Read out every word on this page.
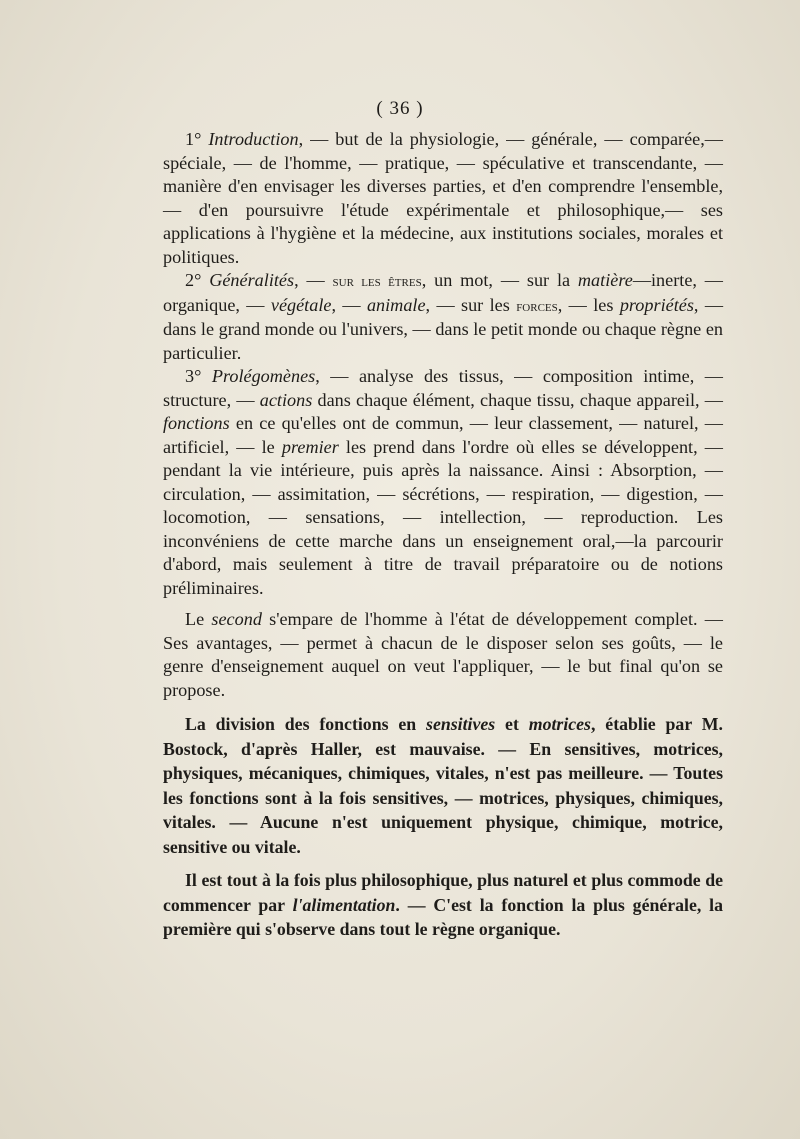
( 36 )

1° Introduction, — but de la physiologie, — générale, — comparée,— spéciale, — de l'homme, — pratique, — spéculative et transcendante, — manière d'en envisager les diverses parties, et d'en comprendre l'ensemble, — d'en poursuivre l'étude expérimentale et philosophique,— ses applications à l'hygiène et la médecine, aux institutions sociales, morales et politiques.

2° Généralités, — sur les êtres, un mot, — sur la matière—inerte, — organique, — végétale, — animale, — sur les forces, — les propriétés, — dans le grand monde ou l'univers, — dans le petit monde ou chaque règne en particulier.

3° Prolégomènes, — analyse des tissus, — composition intime, — structure, — actions dans chaque élément, chaque tissu, chaque appareil, — fonctions en ce qu'elles ont de commun, — leur classement, — naturel, — artificiel, — le premier les prend dans l'ordre où elles se développent, — pendant la vie intérieure, puis après la naissance. Ainsi : Absorption, — circulation, — assimitation, — sécrétions, — respiration, — digestion, — locomotion, — sensations, — intellection, — reproduction. Les inconvéniens de cette marche dans un enseignement oral,—la parcourir d'abord, mais seulement à titre de travail préparatoire ou de notions préliminaires.

Le second s'empare de l'homme à l'état de développement complet. — Ses avantages, — permet à chacun de le disposer selon ses goûts, — le genre d'enseignement auquel on veut l'appliquer, — le but final qu'on se propose.

La division des fonctions en sensitives et motrices, établie par M. Bostock, d'après Haller, est mauvaise. — En sensitives, motrices, physiques, mécaniques, chimiques, vitales, n'est pas meilleure. — Toutes les fonctions sont à la fois sensitives, — motrices, physiques, chimiques, vitales. — Aucune n'est uniquement physique, chimique, motrice, sensitive ou vitale.

Il est tout à la fois plus philosophique, plus naturel et plus commode de commencer par l'alimentation. — C'est la fonction la plus générale, la première qui s'observe dans tout le règne organique.
